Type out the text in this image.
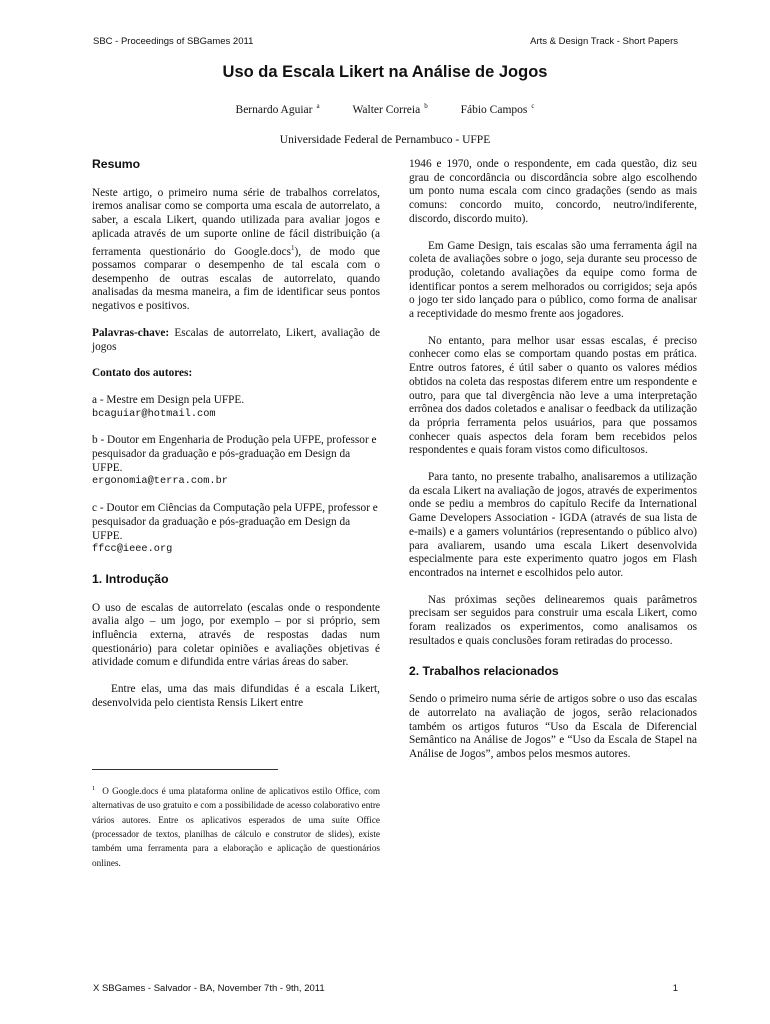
SBC - Proceedings of SBGames 2011	Arts & Design Track - Short Papers
Uso da Escala Likert na Análise de Jogos
Bernardo Aguiar $^a$	Walter Correia $^b$	Fábio Campos $^c$
Universidade Federal de Pernambuco - UFPE
Resumo

Neste artigo, o primeiro numa série de trabalhos correlatos, iremos analisar como se comporta uma escala de autorrelato, a saber, a escala Likert, quando utilizada para avaliar jogos e aplicada através de um suporte online de fácil distribuição (a ferramenta questionário do Google.docs$^1$), de modo que possamos comparar o desempenho de tal escala com o desempenho de outras escalas de autorrelato, quando analisadas da mesma maneira, a fim de identificar seus pontos negativos e positivos.

Palavras-chave: Escalas de autorrelato, Likert, avaliação de jogos

Contato dos autores:
a - Mestre em Design pela UFPE.
bcaguiar@hotmail.com
b - Doutor em Engenharia de Produção pela UFPE, professor e pesquisador da graduação e pós-graduação em Design da UFPE.
ergonomia@terra.com.br
c - Doutor em Ciências da Computação pela UFPE, professor e pesquisador da graduação e pós-graduação em Design da UFPE.
ffcc@ieee.org
1. Introdução

O uso de escalas de autorrelato (escalas onde o respondente avalia algo – um jogo, por exemplo – por si próprio, sem influência externa, através de respostas dadas num questionário) para coletar opiniões e avaliações objetivas é atividade comum e difundida entre várias áreas do saber.

Entre elas, uma das mais difundidas é a escala Likert, desenvolvida pelo cientista Rensis Likert entre

$^1$ O Google.docs é uma plataforma online de aplicativos estilo Office, com alternativas de uso gratuito e com a possibilidade de acesso colaborativo entre vários autores. Entre os aplicativos esperados de uma suíte Office (processador de textos, planilhas de cálculo e construtor de slides), existe também uma ferramenta para a elaboração e aplicação de questionários onlines.

1946 e 1970, onde o respondente, em cada questão, diz seu grau de concordância ou discordância sobre algo escolhendo um ponto numa escala com cinco gradações (sendo as mais comuns: concordo muito, concordo, neutro/indiferente, discordo, discordo muito).

Em Game Design, tais escalas são uma ferramenta ágil na coleta de avaliações sobre o jogo, seja durante seu processo de produção, coletando avaliações da equipe como forma de identificar pontos a serem melhorados ou corrigidos; seja após o jogo ter sido lançado para o público, como forma de analisar a receptividade do mesmo frente aos jogadores.

No entanto, para melhor usar essas escalas, é preciso conhecer como elas se comportam quando postas em prática. Entre outros fatores, é útil saber o quanto os valores médios obtidos na coleta das respostas diferem entre um respondente e outro, para que tal divergência não leve a uma interpretação errônea dos dados coletados e analisar o feedback da utilização da própria ferramenta pelos usuários, para que possamos conhecer quais aspectos dela foram bem recebidos pelos respondentes e quais foram vistos como dificultosos.

Para tanto, no presente trabalho, analisaremos a utilização da escala Likert na avaliação de jogos, através de experimentos onde se pediu a membros do capítulo Recife da International Game Developers Association - IGDA (através de sua lista de e-mails) e a gamers voluntários (representando o público alvo) para avaliarem, usando uma escala Likert desenvolvida especialmente para este experimento quatro jogos em Flash encontrados na internet e escolhidos pelo autor.

Nas próximas seções delinearemos quais parâmetros precisam ser seguidos para construir uma escala Likert, como foram realizados os experimentos, como analisamos os resultados e quais conclusões foram retiradas do processo.

2. Trabalhos relacionados

Sendo o primeiro numa série de artigos sobre o uso das escalas de autorrelato na avaliação de jogos, serão relacionados também os artigos futuros “Uso da Escala de Diferencial Semântico na Análise de Jogos” e “Uso da Escala de Stapel na Análise de Jogos”, ambos pelos mesmos autores.

X SBGames - Salvador - BA, November 7th - 9th, 2011	1
